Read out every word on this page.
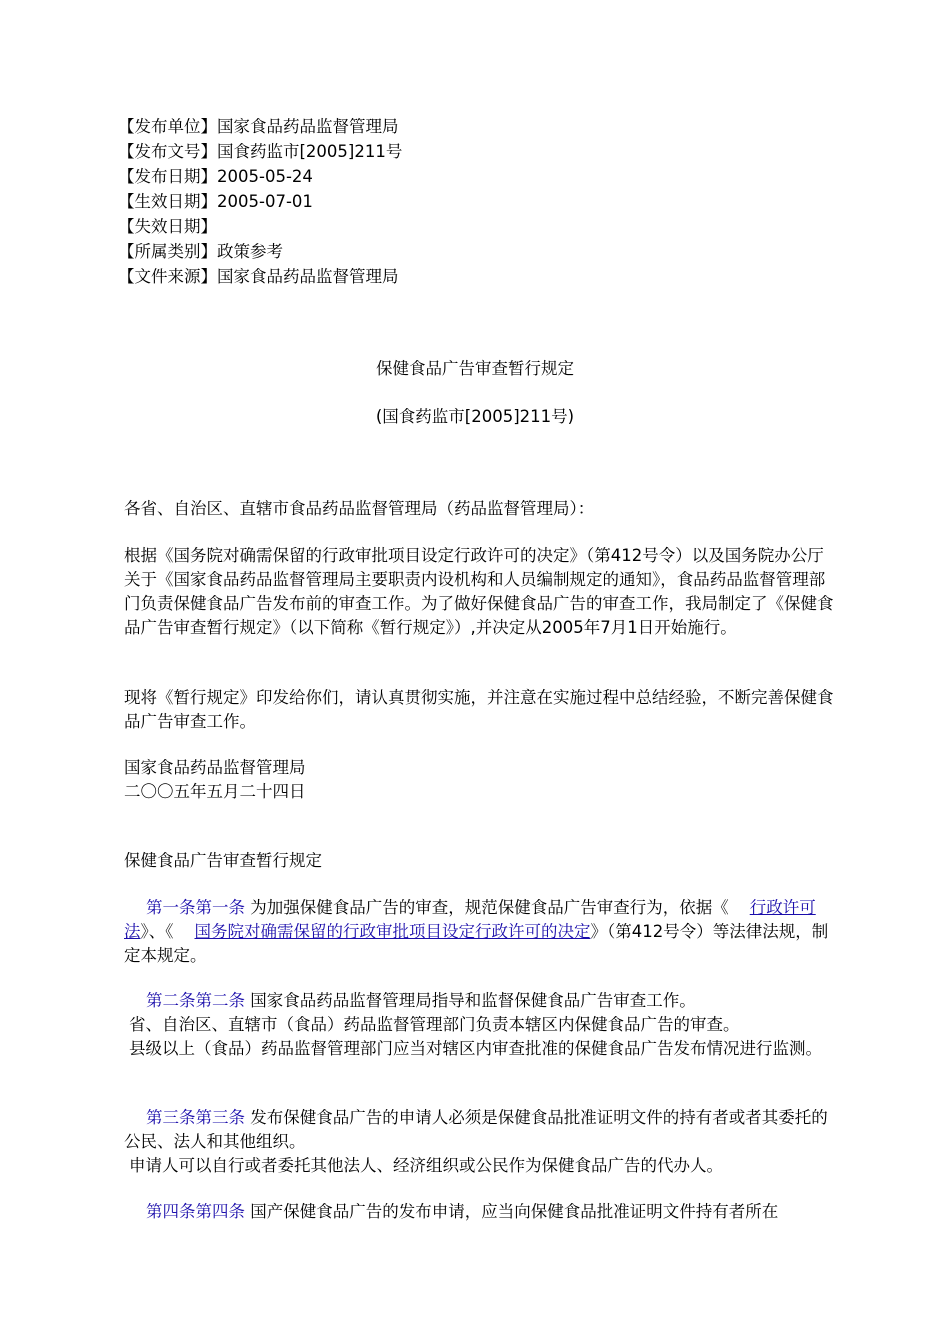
【发布单位】国家食品药品监督管理局
【发布文号】国食药监市[2005]211号
【发布日期】2005-05-24
【生效日期】2005-07-01
【失效日期】
【所属类别】政策参考
【文件来源】国家食品药品监督管理局
保健食品广告审查暂行规定
(国食药监市[2005]211号)
各省、自治区、直辖市食品药品监督管理局（药品监督管理局）：
根据《国务院对确需保留的行政审批项目设定行政许可的决定》（第412号令）以及国务院办公厅关于《国家食品药品监督管理局主要职责内设机构和人员编制规定的通知》，食品药品监督管理部门负责保健食品广告发布前的审查工作。为了做好保健食品广告的审查工作，我局制定了《保健食品广告审查暂行规定》（以下简称《暂行规定》）,并决定从2005年7月1日开始施行。
现将《暂行规定》印发给你们，请认真贯彻实施，并注意在实施过程中总结经验，不断完善保健食品广告审查工作。
国家食品药品监督管理局
二〇〇五年五月二十四日
保健食品广告审查暂行规定
第一条第一条 为加强保健食品广告的审查，规范保健食品广告审查行为，依据《 行政许可法》、《 国务院对确需保留的行政审批项目设定行政许可的决定》（第412号令）等法律法规，制定本规定。

第二条第二条 国家食品药品监督管理局指导和监督保健食品广告审查工作。

省、自治区、直辖市（食品）药品监督管理部门负责本辖区内保健食品广告的审查。

县级以上（食品）药品监督管理部门应当对辖区内审查批准的保健食品广告发布情况进行监测。

第三条第三条 发布保健食品广告的申请人必须是保健食品批准证明文件的持有者或者其委托的公民、法人和其他组织。

申请人可以自行或者委托其他法人、经济组织或公民作为保健食品广告的代办人。

第四条第四条 国产保健食品广告的发布申请，应当向保健食品批准证明文件持有者所在
